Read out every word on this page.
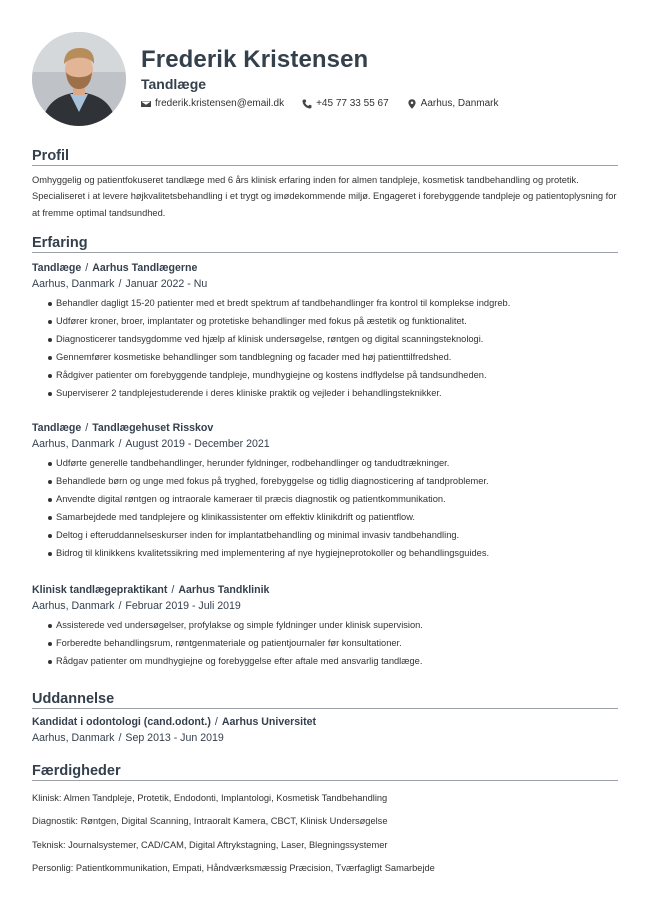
Frederik Kristensen
Tandlæge
frederik.kristensen@email.dk	+45 77 33 55 67	Aarhus, Danmark
Profil
Omhyggelig og patientfokuseret tandlæge med 6 års klinisk erfaring inden for almen tandpleje, kosmetisk tandbehandling og protetik. Specialiseret i at levere højkvalitetsbehandling i et trygt og imødekommende miljø. Engageret i forebyggende tandpleje og patientoplysning for at fremme optimal tandsundhed.
Erfaring
Tandlæge / Aarhus Tandlægerne
Aarhus, Danmark / Januar 2022 - Nu
Behandler dagligt 15-20 patienter med et bredt spektrum af tandbehandlinger fra kontrol til komplekse indgreb.
Udfører kroner, broer, implantater og protetiske behandlinger med fokus på æstetik og funktionalitet.
Diagnosticerer tandsygdomme ved hjælp af klinisk undersøgelse, røntgen og digital scanningsteknologi.
Gennemfører kosmetiske behandlinger som tandblegning og facader med høj patienttilfredshed.
Rådgiver patienter om forebyggende tandpleje, mundhygiejne og kostens indflydelse på tandsundheden.
Superviserer 2 tandplejestuderende i deres kliniske praktik og vejleder i behandlingsteknikker.
Tandlæge / Tandlægehuset Risskov
Aarhus, Danmark / August 2019 - December 2021
Udførte generelle tandbehandlinger, herunder fyldninger, rodbehandlinger og tandudtrækninger.
Behandlede børn og unge med fokus på tryghed, forebyggelse og tidlig diagnosticering af tandproblemer.
Anvendte digital røntgen og intraorale kameraer til præcis diagnostik og patientkommunikation.
Samarbejdede med tandplejere og klinikassistenter om effektiv klinikdrift og patientflow.
Deltog i efteruddannelseskurser inden for implantatbehandling og minimal invasiv tandbehandling.
Bidrog til klinikkens kvalitetssikring med implementering af nye hygiejneprotokoller og behandlingsguides.
Klinisk tandlægepraktikant / Aarhus Tandklinik
Aarhus, Danmark / Februar 2019 - Juli 2019
Assisterede ved undersøgelser, profylakse og simple fyldninger under klinisk supervision.
Forberedte behandlingsrum, røntgenmateriale og patientjournaler før konsultationer.
Rådgav patienter om mundhygiejne og forebyggelse efter aftale med ansvarlig tandlæge.
Uddannelse
Kandidat i odontologi (cand.odont.) / Aarhus Universitet
Aarhus, Danmark / Sep 2013 - Jun 2019
Færdigheder
Klinisk: Almen Tandpleje, Protetik, Endodonti, Implantologi, Kosmetisk Tandbehandling
Diagnostik: Røntgen, Digital Scanning, Intraoralt Kamera, CBCT, Klinisk Undersøgelse
Teknisk: Journalsystemer, CAD/CAM, Digital Aftrykstagning, Laser, Blegningssystemer
Personlig: Patientkommunikation, Empati, Håndværksmæssig Præcision, Tværfagligt Samarbejde
